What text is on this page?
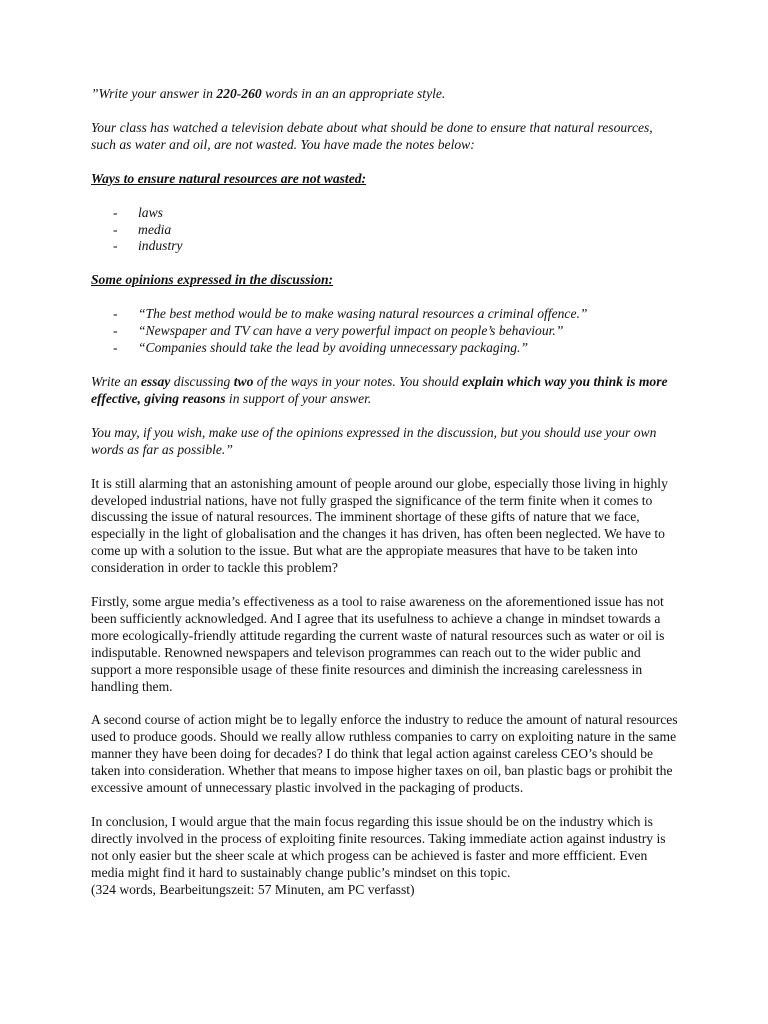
”Write your answer in 220-260 words in an an appropriate style.

Your class has watched a television debate about what should be done to ensure that natural resources, such as water and oil, are not wasted. You have made the notes below:

Ways to ensure natural resources are not wasted:

- laws
- media
- industry

Some opinions expressed in the discussion:

- “The best method would be to make wasing natural resources a criminal offence.”
- “Newspaper and TV can have a very powerful impact on people’s behaviour.”
- “Companies should take the lead by avoiding unnecessary packaging.”

Write an essay discussing two of the ways in your notes. You should explain which way you think is more effective, giving reasons in support of your answer.

You may, if you wish, make use of the opinions expressed in the discussion, but you should use your own words as far as possible.”

It is still alarming that an astonishing amount of people around our globe, especially those living in highly developed industrial nations, have not fully grasped the significance of the term finite when it comes to discussing the issue of natural resources. The imminent shortage of these gifts of nature that we face, especially in the light of globalisation and the changes it has driven, has often been neglected. We have to come up with a solution to the issue. But what are the appropiate measures that have to be taken into consideration in order to tackle this problem?

Firstly, some argue media’s effectiveness as a tool to raise awareness on the aforementioned issue has not been sufficiently acknowledged. And I agree that its usefulness to achieve a change in mindset towards a more ecologically-friendly attitude regarding the current waste of natural resources such as water or oil is indisputable. Renowned newspapers and televison programmes can reach out to the wider public and support a more responsible usage of these finite resources and diminish the increasing carelessness in handling them.

A second course of action might be to legally enforce the industry to reduce the amount of natural resources used to produce goods. Should we really allow ruthless companies to carry on exploiting nature in the same manner they have been doing for decades? I do think that legal action against careless CEO’s should be taken into consideration. Whether that means to impose higher taxes on oil, ban plastic bags or prohibit the excessive amount of unnecessary plastic involved in the packaging of products.

In conclusion, I would argue that the main focus regarding this issue should be on the industry which is directly involved in the process of exploiting finite resources. Taking immediate action against industry is not only easier but the sheer scale at which progess can be achieved is faster and more effficient. Even media might find it hard to sustainably change public’s mindset on this topic.

(324 words, Bearbeitungszeit: 57 Minuten, am PC verfasst)
